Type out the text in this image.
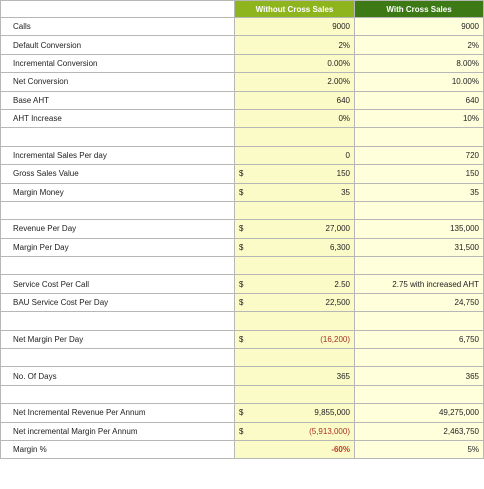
	Without Cross Sales	With Cross Sales
Calls	9000	9000
Default Conversion	2%	2%
Incremental Conversion	0.00%	8.00%
Net Conversion	2.00%	10.00%
Base AHT	640	640
AHT Increase	0%	10%

Incremental Sales Per day	0	720
Gross Sales Value	$ 150	150
Margin Money	$ 35	35

Revenue Per Day	$ 27,000	135,000
Margin Per Day	$ 6,300	31,500

Service Cost Per Call	$ 2.50	2.75 with increased AHT
BAU Service Cost Per Day	$ 22,500	24,750

Net Margin Per Day	$ (16,200)	6,750

No. Of Days	365	365

Net Incremental Revenue Per Annum	$ 9,855,000	49,275,000
Net incremental Margin Per Annum	$ (5,913,000)	2,463,750
Margin %	-60%	5%
